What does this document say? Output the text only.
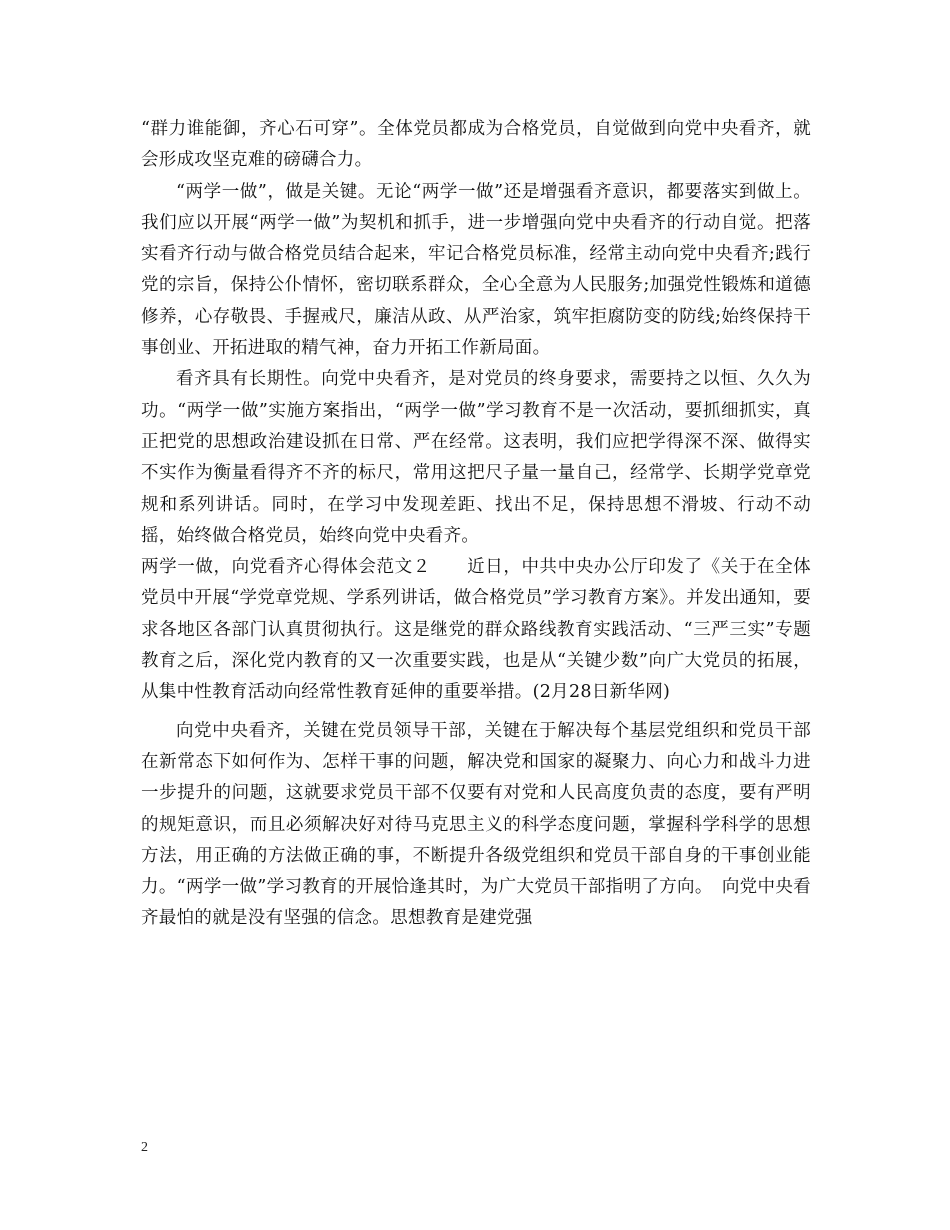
“群力谁能御，齐心石可穿”。全体党员都成为合格党员，自觉做到向党中央看齐，就会形成攻坚克难的磅礴合力。

“两学一做”，做是关键。无论“两学一做”还是增强看齐意识，都要落实到做上。我们应以开展“两学一做”为契机和抓手，进一步增强向党中央看齐的行动自觉。把落实看齐行动与做合格党员结合起来，牢记合格党员标准，经常主动向党中央看齐;践行党的宗旨，保持公仆情怀，密切联系群众，全心全意为人民服务;加强党性锻炼和道德修养，心存敬畏、手握戒尺，廉洁从政、从严治家，筑牢拒腐防变的防线;始终保持干事创业、开拓进取的精气神，奋力开拓工作新局面。

看齐具有长期性。向党中央看齐，是对党员的终身要求，需要持之以恒、久久为功。“两学一做”实施方案指出，“两学一做”学习教育不是一次活动，要抓细抓实，真正把党的思想政治建设抓在日常、严在经常。这表明，我们应把学得深不深、做得实不实作为衡量看得齐不齐的标尺，常用这把尺子量一量自己，经常学、长期学党章党规和系列讲话。同时，在学习中发现差距、找出不足，保持思想不滑坡、行动不动摇，始终做合格党员，始终向党中央看齐。

两学一做，向党看齐心得体会范文２　　近日，中共中央办公厅印发了《关于在全体党员中开展“学党章党规、学系列讲话，做合格党员”学习教育方案》。并发出通知，要求各地区各部门认真贯彻执行。这是继党的群众路线教育实践活动、“三严三实”专题教育之后，深化党内教育的又一次重要实践，也是从“关键少数”向广大党员的拓展，从集中性教育活动向经常性教育延伸的重要举措。(2月28日新华网)

向党中央看齐，关键在党员领导干部，关键在于解决每个基层党组织和党员干部在新常态下如何作为、怎样干事的问题，解决党和国家的凝聚力、向心力和战斗力进一步提升的问题，这就要求党员干部不仅要有对党和人民高度负责的态度，要有严明的规矩意识，而且必须解决好对待马克思主义的科学态度问题，掌握科学科学的思想方法，用正确的方法做正确的事，不断提升各级党组织和党员干部自身的干事创业能力。“两学一做”学习教育的开展恰逢其时，为广大党员干部指明了方向。　向党中央看齐最怕的就是没有坚强的信念。思想教育是建党强

2
